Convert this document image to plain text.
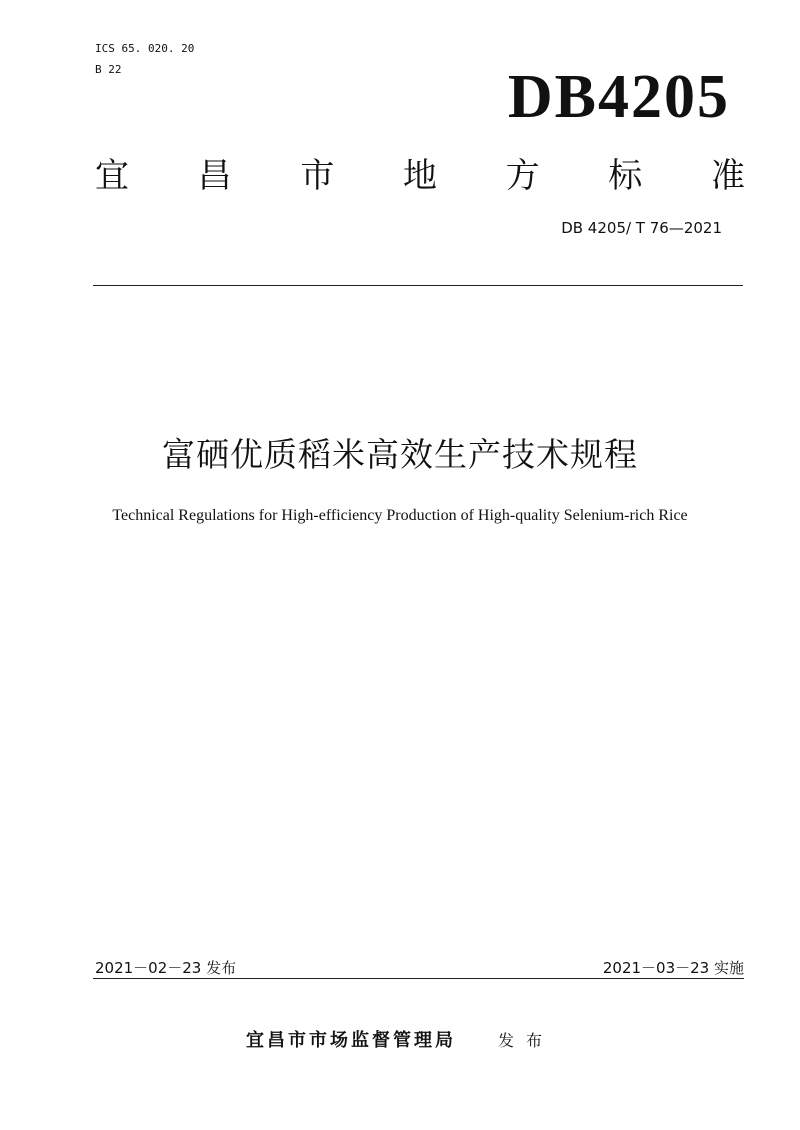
ICS 65. 020. 20
B 22	DB4205
宜 昌 市 地 方 标 准
DB 4205/ T 76—2021
富硒优质稻米高效生产技术规程
Technical Regulations for High-efficiency Production of High-quality Selenium-rich Rice
2021－02－23 发布	2021－03－23 实施
宜昌市市场监督管理局	发布
